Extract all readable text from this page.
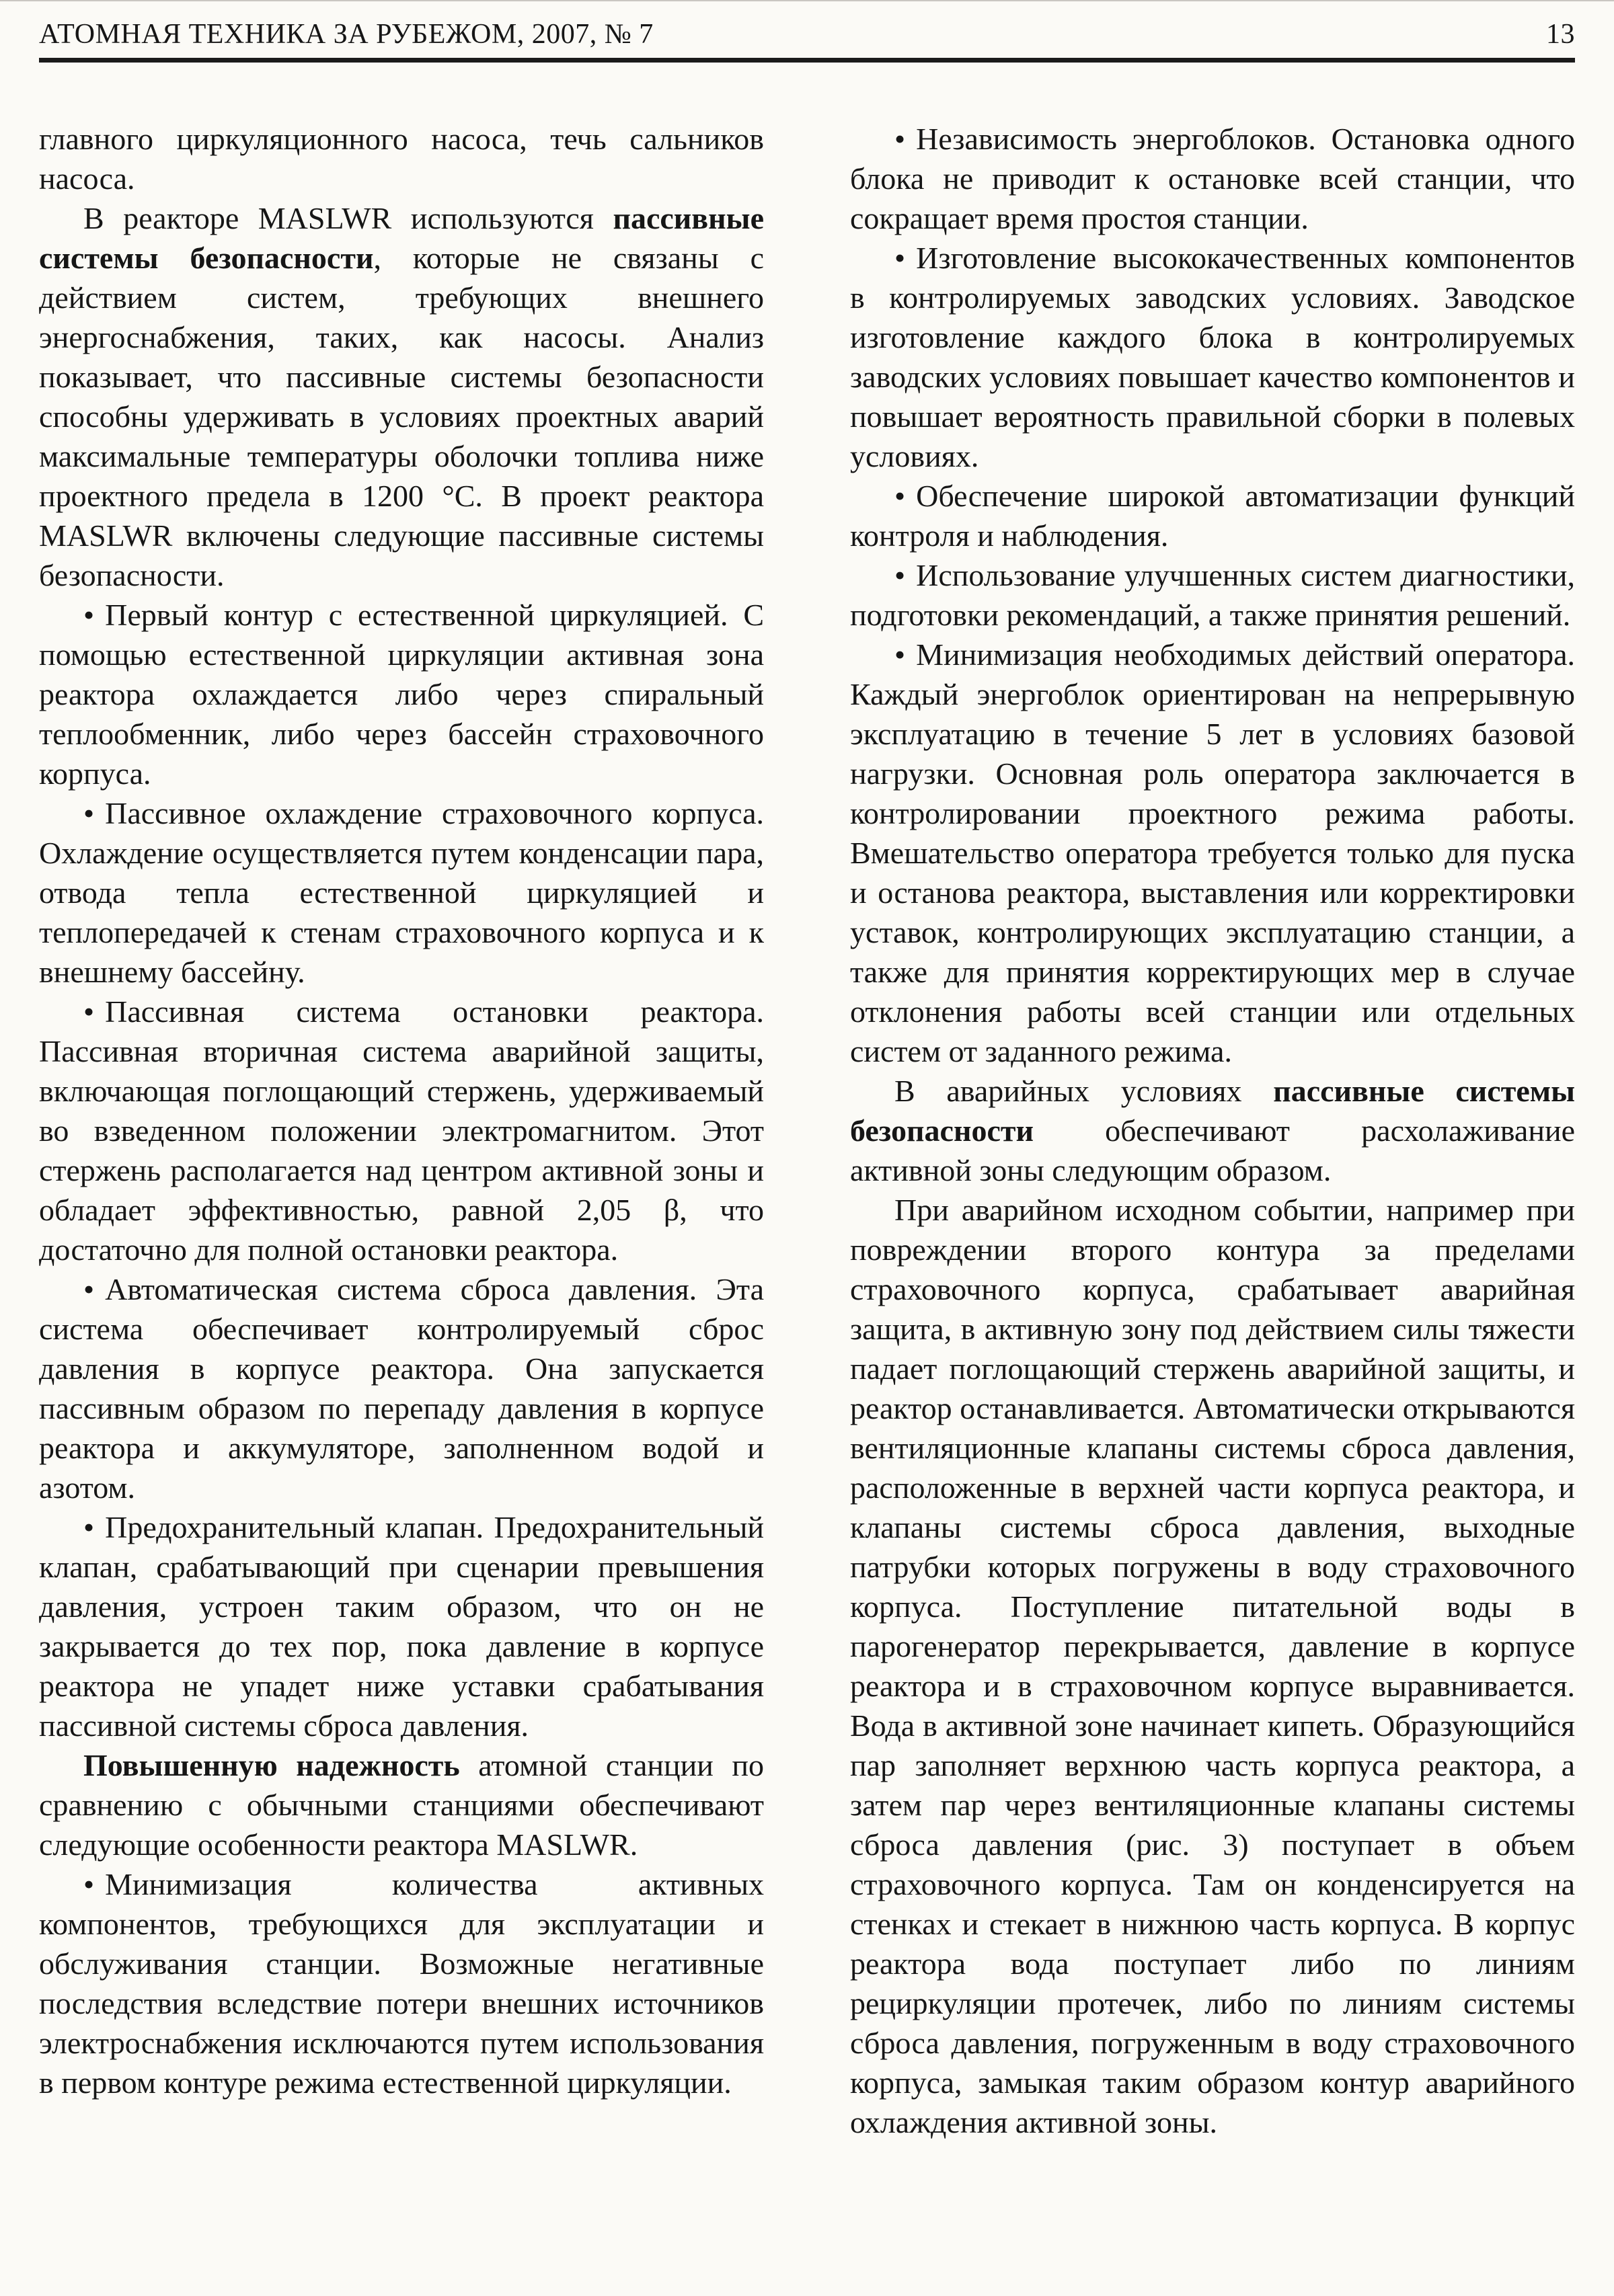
АТОМНАЯ ТЕХНИКА ЗА РУБЕЖОМ, 2007, № 7	13

главного циркуляционного насоса, течь сальников насоса.

В реакторе MASLWR используются пассивные системы безопасности, которые не связаны с действием систем, требующих внешнего энергоснабжения, таких, как насосы. Анализ показывает, что пассивные системы безопасности способны удерживать в условиях проектных аварий максимальные температуры оболочки топлива ниже проектного предела в 1200 °C. В проект реактора MASLWR включены следующие пассивные системы безопасности.

• Первый контур с естественной циркуляцией. С помощью естественной циркуляции активная зона реактора охлаждается либо через спиральный теплообменник, либо через бассейн страховочного корпуса.

• Пассивное охлаждение страховочного корпуса. Охлаждение осуществляется путем конденсации пара, отвода тепла естественной циркуляцией и теплопередачей к стенам страховочного корпуса и к внешнему бассейну.

• Пассивная система остановки реактора. Пассивная вторичная система аварийной защиты, включающая поглощающий стержень, удерживаемый во взведенном положении электромагнитом. Этот стержень располагается над центром активной зоны и обладает эффективностью, равной 2,05 β, что достаточно для полной остановки реактора.

• Автоматическая система сброса давления. Эта система обеспечивает контролируемый сброс давления в корпусе реактора. Она запускается пассивным образом по перепаду давления в корпусе реактора и аккумуляторе, заполненном водой и азотом.

• Предохранительный клапан. Предохранительный клапан, срабатывающий при сценарии превышения давления, устроен таким образом, что он не закрывается до тех пор, пока давление в корпусе реактора не упадет ниже уставки срабатывания пассивной системы сброса давления.

Повышенную надежность атомной станции по сравнению с обычными станциями обеспечивают следующие особенности реактора MASLWR.

• Минимизация количества активных компонентов, требующихся для эксплуатации и обслуживания станции. Возможные негативные последствия вследствие потери внешних источников электроснабжения исключаются путем использования в первом контуре режима естественной циркуляции.

• Независимость энергоблоков. Остановка одного блока не приводит к остановке всей станции, что сокращает время простоя станции.

• Изготовление высококачественных компонентов в контролируемых заводских условиях. Заводское изготовление каждого блока в контролируемых заводских условиях повышает качество компонентов и повышает вероятность правильной сборки в полевых условиях.

• Обеспечение широкой автоматизации функций контроля и наблюдения.

• Использование улучшенных систем диагностики, подготовки рекомендаций, а также принятия решений.

• Минимизация необходимых действий оператора. Каждый энергоблок ориентирован на непрерывную эксплуатацию в течение 5 лет в условиях базовой нагрузки. Основная роль оператора заключается в контролировании проектного режима работы. Вмешательство оператора требуется только для пуска и останова реактора, выставления или корректировки уставок, контролирующих эксплуатацию станции, а также для принятия корректирующих мер в случае отклонения работы всей станции или отдельных систем от заданного режима.

В аварийных условиях пассивные системы безопасности обеспечивают расхолаживание активной зоны следующим образом.

При аварийном исходном событии, например при повреждении второго контура за пределами страховочного корпуса, срабатывает аварийная защита, в активную зону под действием силы тяжести падает поглощающий стержень аварийной защиты, и реактор останавливается. Автоматически открываются вентиляционные клапаны системы сброса давления, расположенные в верхней части корпуса реактора, и клапаны системы сброса давления, выходные патрубки которых погружены в воду страховочного корпуса. Поступление питательной воды в парогенератор перекрывается, давление в корпусе реактора и в страховочном корпусе выравнивается. Вода в активной зоне начинает кипеть. Образующийся пар заполняет верхнюю часть корпуса реактора, а затем пар через вентиляционные клапаны системы сброса давления (рис. 3) поступает в объем страховочного корпуса. Там он конденсируется на стенках и стекает в нижнюю часть корпуса. В корпус реактора вода поступает либо по линиям рециркуляции протечек, либо по линиям системы сброса давления, погруженным в воду страховочного корпуса, замыкая таким образом контур аварийного охлаждения активной зоны.
